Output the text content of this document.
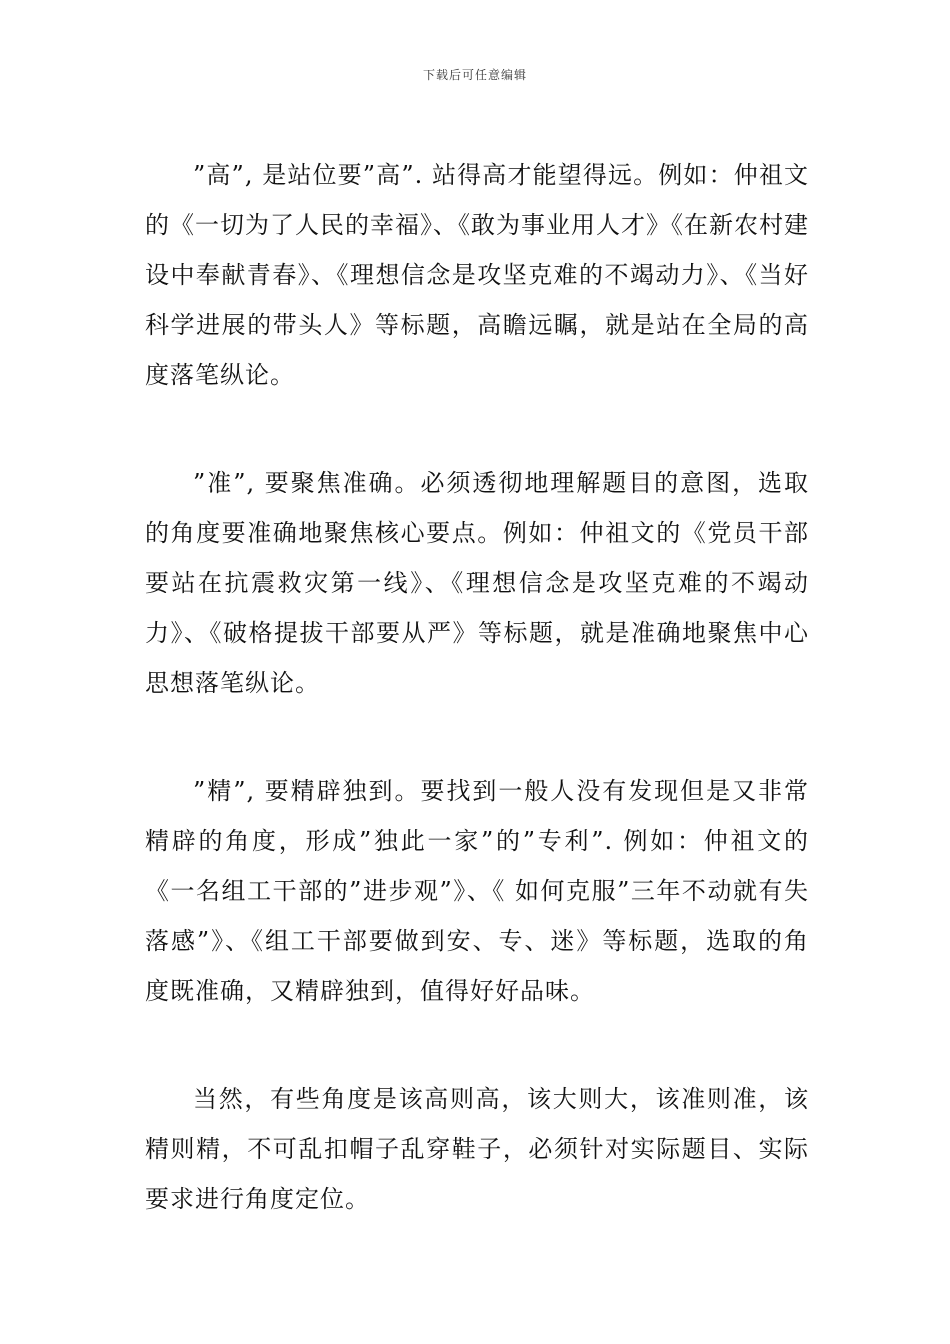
下载后可任意编辑

”高”, 是站位要”高”. 站得高才能望得远。例如：仲祖文的《一切为了人民的幸福》、《敢为事业用人才》《在新农村建设中奉献青春》、《理想信念是攻坚克难的不竭动力》、《当好科学进展的带头人》等标题，高瞻远瞩，就是站在全局的高度落笔纵论。

”准”, 要聚焦准确。必须透彻地理解题目的意图，选取的角度要准确地聚焦核心要点。例如：仲祖文的《党员干部要站在抗震救灾第一线》、《理想信念是攻坚克难的不竭动力》、《破格提拔干部要从严》等标题，就是准确地聚焦中心思想落笔纵论。

”精”, 要精辟独到。要找到一般人没有发现但是又非常精辟的角度，形成”独此一家”的”专利”. 例如：仲祖文的《一名组工干部的”进步观”》、《 如何克服”三年不动就有失落感”》、《组工干部要做到安、专、迷》等标题，选取的角度既准确，又精辟独到，值得好好品味。

当然，有些角度是该高则高，该大则大，该准则准，该精则精，不可乱扣帽子乱穿鞋子，必须针对实际题目、实际要求进行角度定位。
